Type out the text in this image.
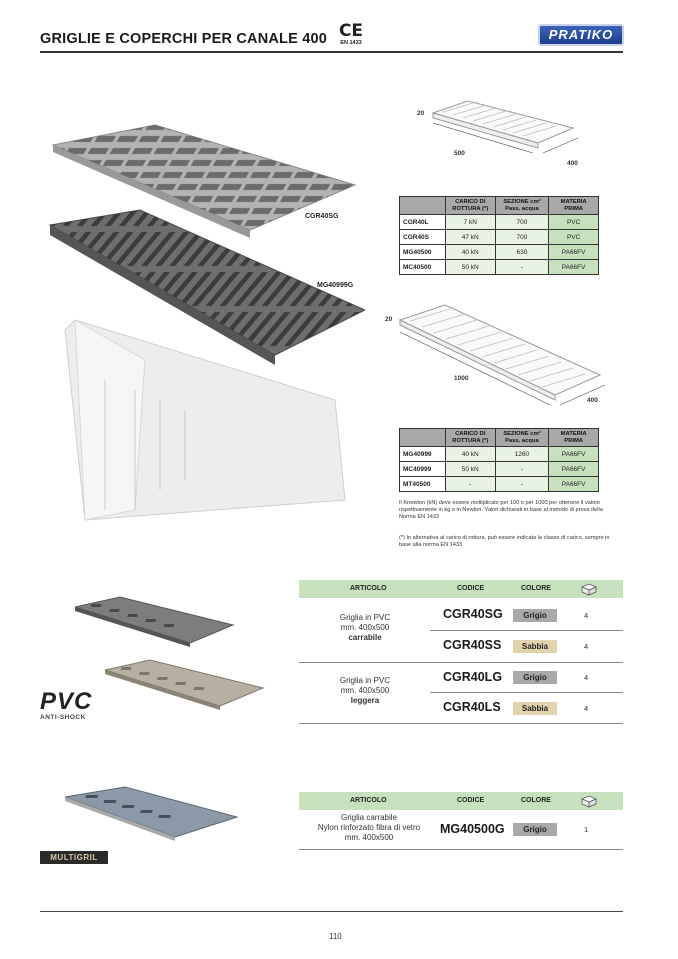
GRIGLIE E COPERCHI PER CANALE 400 CE
EN 1433
PRATIKO
CGR40SG
MG40999G
20
500
400
	CARICO DI ROTTURA (*)	SEZIONE cm² Pass. acqua	MATERIA PRIMA
CGR40L	7 kN	700	PVC
CGR40S	47 kN	700	PVC
MG40500	40 kN	630	PA66FV
MC40500	50 kN	-	PA66FV
20
1000
400
	CARICO DI ROTTURA (*)	SEZIONE cm² Pass. acqua	MATERIA PRIMA
MG40999	40 kN	1260	PA66FV
MC40999	50 kN	-	PA66FV
MT40500	-	-	PA66FV
Il Knewton (kN) deve essere moltiplicato per 100 o per 1000 per ottenere il valore rispettivamente in kg o in Newton. Valori dichiarati in base al metodo di prova della Norma EN 1433
(*) In alternativa al carico di rottura, può essere indicata la classe di carico, sempre in base alla norma EN 1433
ARTICOLO	CODICE	COLORE
Griglia in PVC
mm. 400x500
carrabile
CGR40SG	Grigio	4
CGR40SS	Sabbia	4
Griglia in PVC
mm. 400x500
leggera
CGR40LG	Grigio	4
CGR40LS	Sabbia	4
PVC
ANTI-SHOCK
ARTICOLO	CODICE	COLORE
Griglia carrabile
Nylon rinforzato fibra di vetro
mm. 400x500
MG40500G	Grigio	1
MULTIGRIL
110
